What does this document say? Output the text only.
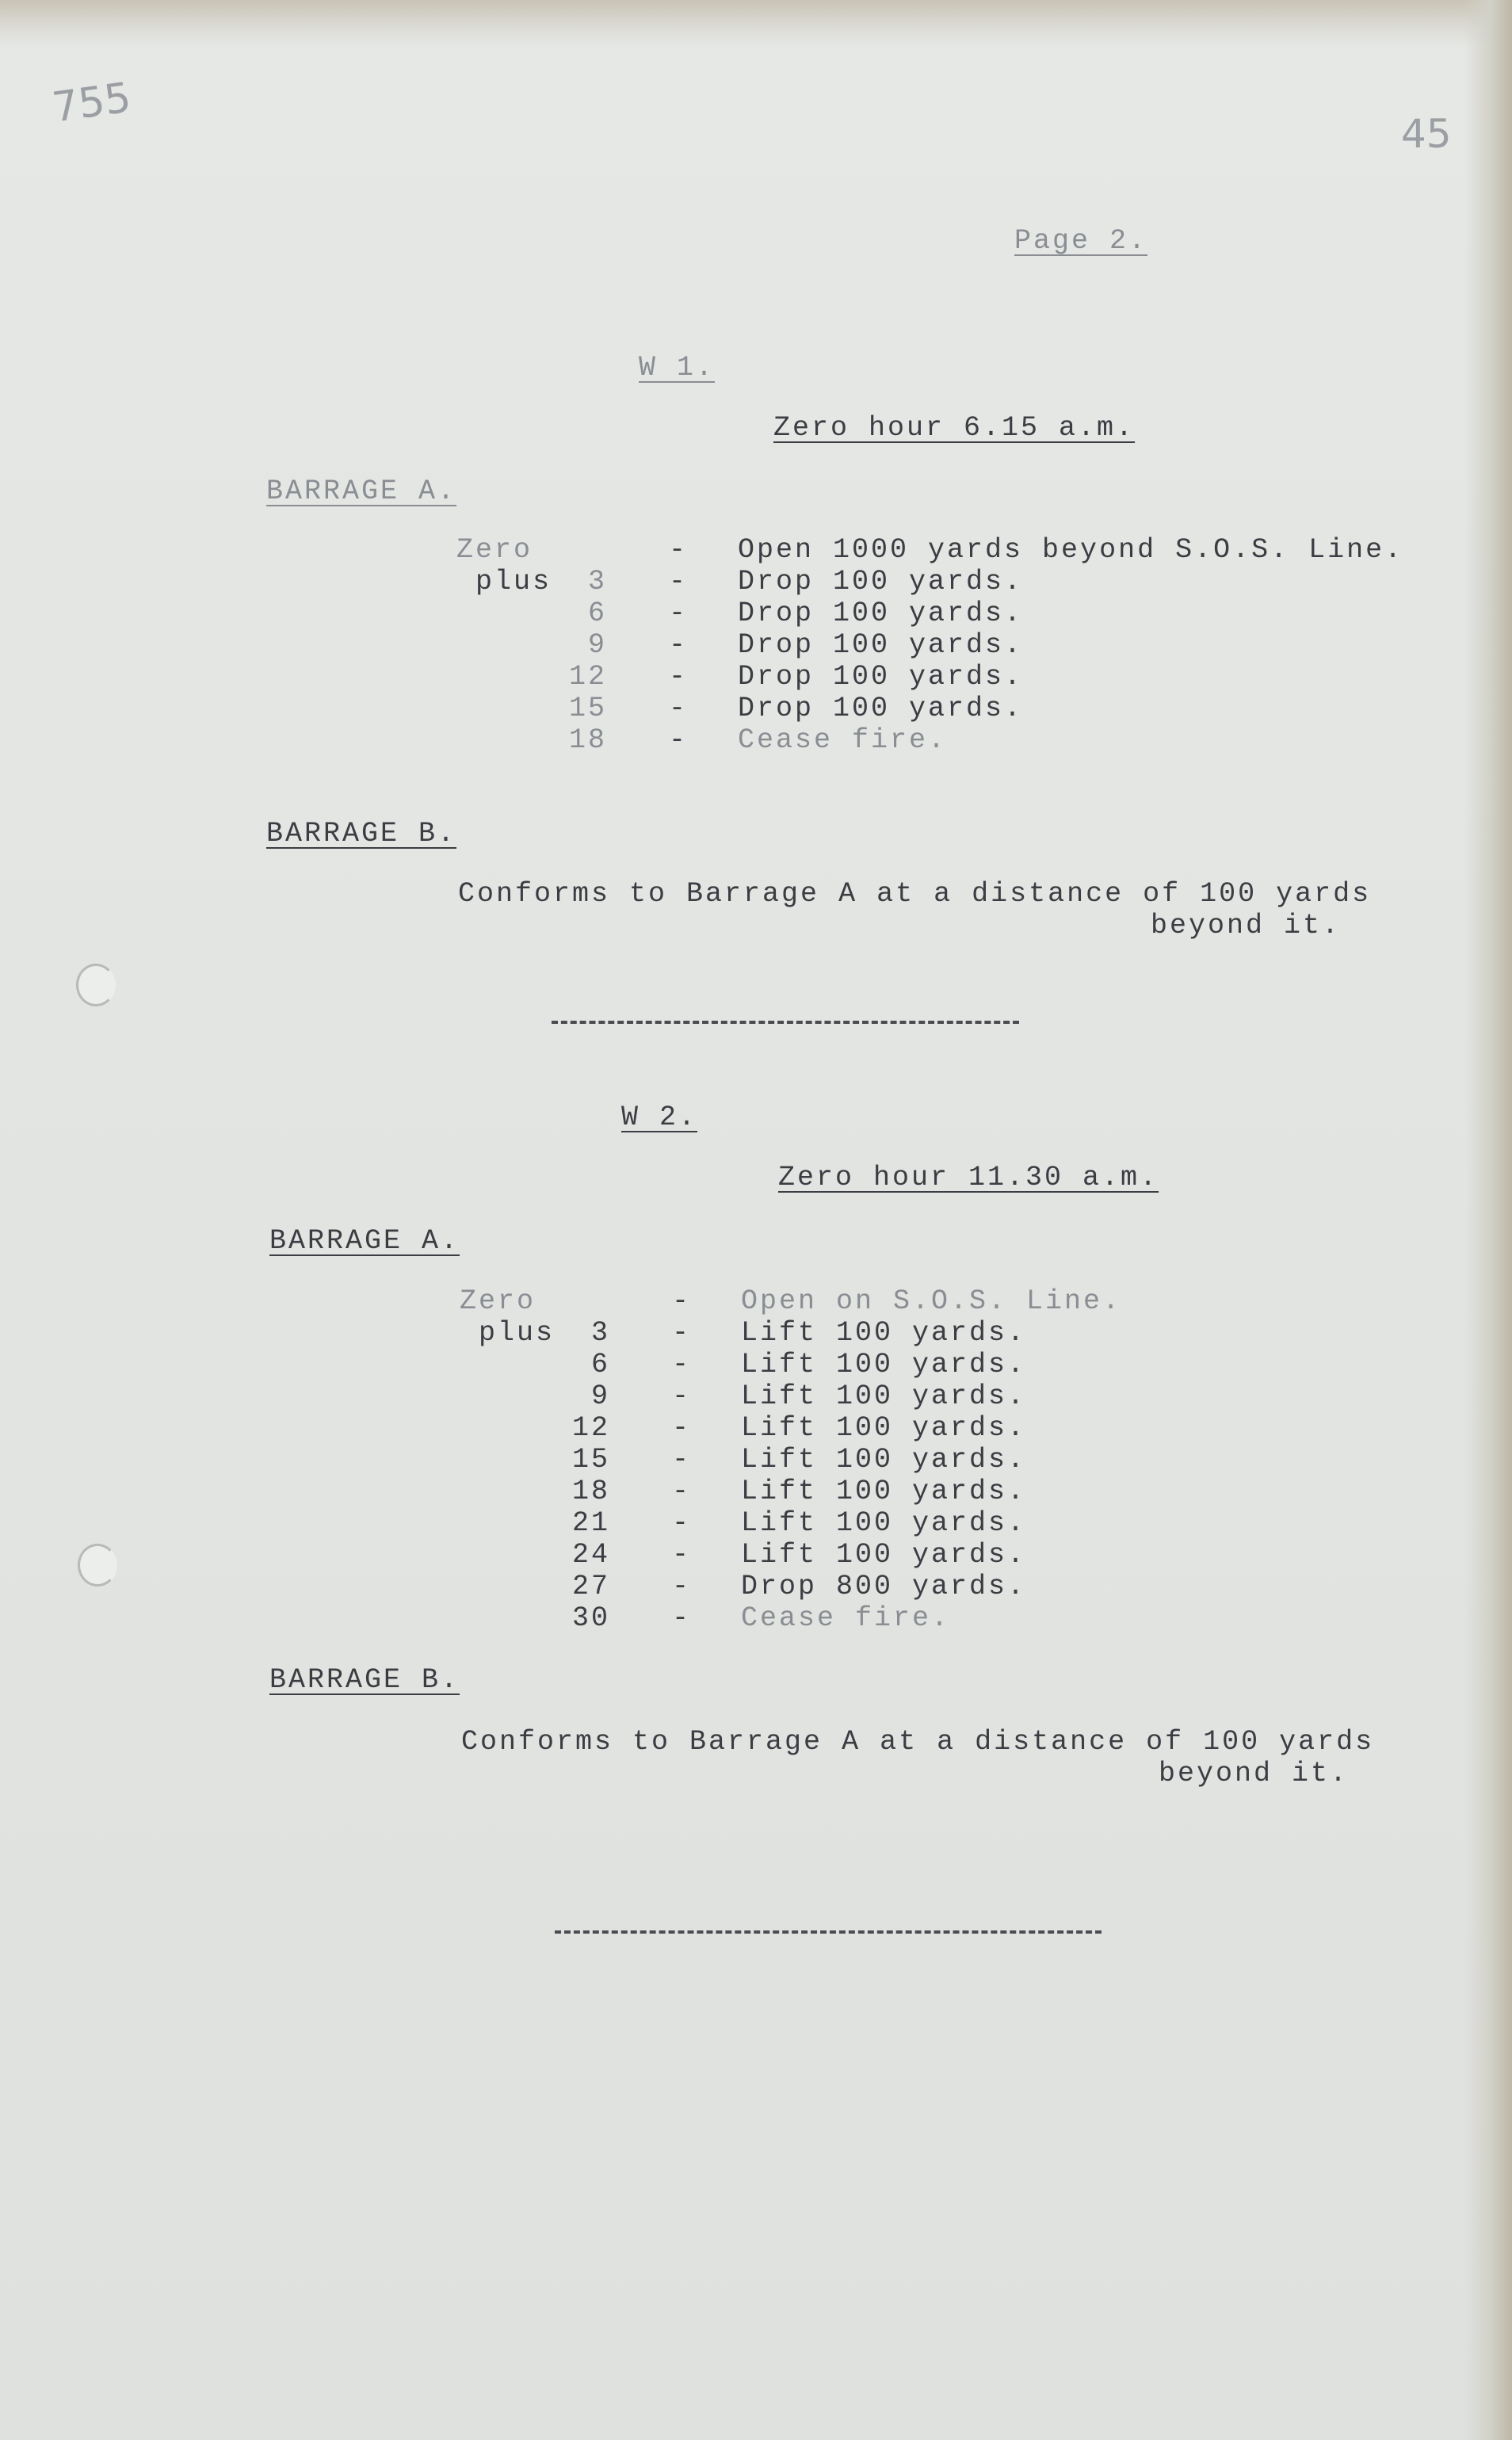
755
45
Page 2.
W 1.
Zero hour 6.15 a.m.
BARRAGE A.
Zero	- Open 1000 yards beyond S.O.S. Line.
plus	3 - Drop 100 yards.
6 - Drop 100 yards.
9 - Drop 100 yards.
12 - Drop 100 yards.
15 - Drop 100 yards.
18 - Cease fire.
BARRAGE B.
Conforms to Barrage A at a distance of 100 yards
beyond it.
W 2.
Zero hour 11.30 a.m.
BARRAGE A.
Zero	- Open on S.O.S. Line.
plus	3 - Lift 100 yards.
6 - Lift 100 yards.
9 - Lift 100 yards.
12 - Lift 100 yards.
15 - Lift 100 yards.
18 - Lift 100 yards.
21 - Lift 100 yards.
24 - Lift 100 yards.
27 - Drop 800 yards.
30 - Cease fire.
BARRAGE B.
Conforms to Barrage A at a distance of 100 yards
beyond it.
